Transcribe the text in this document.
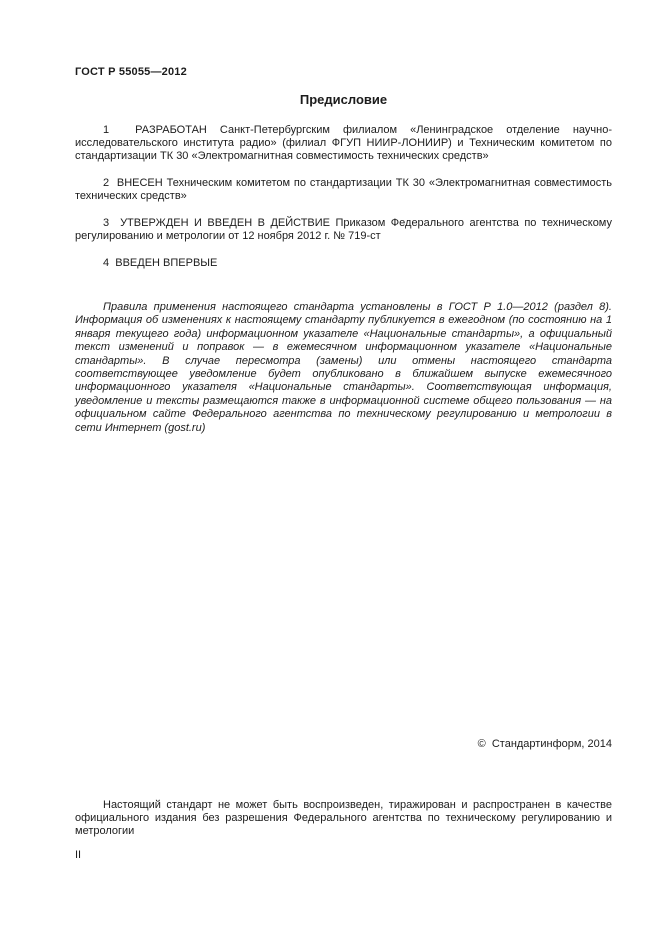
ГОСТ Р 55055—2012
Предисловие

1  РАЗРАБОТАН Санкт-Петербургским филиалом «Ленинградское отделение научно-исследовательского института радио» (филиал ФГУП НИИР-ЛОНИИР) и Техническим комитетом по стандартизации ТК 30 «Электромагнитная совместимость технических средств»

2  ВНЕСЕН Техническим комитетом по стандартизации ТК 30 «Электромагнитная совместимость технических средств»

3  УТВЕРЖДЕН И ВВЕДЕН В ДЕЙСТВИЕ Приказом Федерального агентства по техническому регулированию и метрологии от 12 ноября 2012 г. № 719-ст

4  ВВЕДЕН ВПЕРВЫЕ

Правила применения настоящего стандарта установлены в ГОСТ Р 1.0—2012 (раздел 8). Информация об изменениях к настоящему стандарту публикуется в ежегодном (по состоянию на 1 января текущего года) информационном указателе «Национальные стандарты», а официальный текст изменений и поправок — в ежемесячном информационном указателе «Национальные стандарты». В случае пересмотра (замены) или отмены настоящего стандарта соответствующее уведомление будет опубликовано в ближайшем выпуске ежемесячного информационного указателя «Национальные стандарты». Соответствующая информация, уведомление и тексты размещаются также в информационной системе общего пользования — на официальном сайте Федерального агентства по техническому регулированию и метрологии в сети Интернет (gost.ru)

©  Стандартинформ, 2014

Настоящий стандарт не может быть воспроизведен, тиражирован и распространен в качестве официального издания без разрешения Федерального агентства по техническому регулированию и метрологии

II
